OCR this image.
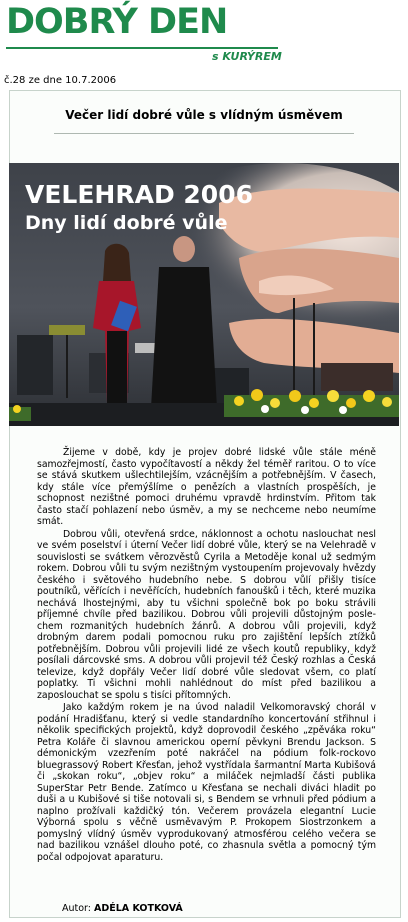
DOBRÝ DEN
s KURÝREM
č.28 ze dne 10.7.2006
Večer lidí dobré vůle s vlídným úsměvem
VELEHRAD 2006
Dny lidí dobré vůle

Žijeme v době, kdy je projev dobré lidské vůle stále méně samozřejmostí, často vypočítavostí a někdy žel téměř raritou. O to více se stává skutkem ušlechtilejším, vzácnějším a potřebnějším. V časech, kdy stále více přemýšlíme o penězích a vlastních prospěších, je schopnost nezištné pomoci druhému vpravdě hrdinstvím. Přitom tak často stačí pohlazení nebo úsměv, a my se nechceme nebo neumíme smát.

Dobrou vůli, otevřená srdce, náklonnost a ochotu naslouchat nesl ve svém poselství i úterní Večer lidí dobré vůle, který se na Velehradě v souvislosti se svátkem věrozvěstů Cyrila a Metoděje konal už sedmým rokem. Dobrou vůli tu svým nezištným vystoupením projevovaly hvězdy českého i světového hudebního nebe. S dobrou vůlí přišly tisíce poutníků, věřících i nevěřících, hudebních fanoušků i těch, které muzika nechává lhostejnými, aby tu všichni společně bok po boku strávili příjemné chvíle před bazilikou. Dobrou vůli projevili důstojným poslechem rozmanitých hudebních žánrů. A dobrou vůli projevili, když drobným darem podali pomocnou ruku pro zajištění lepších ztížků potřebnějším. Dobrou vůli projevili lidé ze všech koutů republiky, když posílali dárcovské sms. A dobrou vůli projevil též Český rozhlas a Česká televize, když dopřály Večer lidí dobré vůle sledovat všem, co platí poplatky. Ti všichni mohli nahlédnout do míst před bazilikou a zaposlouchat se spolu s tisíci přítomných.

Jako každým rokem je na úvod naladil Velkomoravský chorál v podání Hradišťanu, který si vedle standardního koncertování střihnul i několik specifických projektů, když doprovodil českého „zpěváka roku“ Petra Koláře či slavnou americkou operní pěvkyni Brendu Jackson. S démonickým vzezřením poté nakráčel na pódium folk-rockovo bluegrassový Robert Křesťan, jehož vystřídala šarmantní Marta Kubišová či „skokan roku“, „objev roku“ a miláček nejmladší části publika SuperStar Petr Bende. Zatímco u Křesťana se nechali diváci hladit po duši a u Kubišové si tiše notovali si, s Bendem se vrhnuli před pódium a naplno prožívali každičký tón. Večerem provázela elegantní Lucie Výborná spolu s věčně usměvavým P. Prokopem Siostrzonkem a pomyslný vlídný úsměv vyprodukovaný atmosférou celého večera se nad bazilikou vznášel dlouho poté, co zhasnula světla a pomocný tým počal odpojovat aparaturu.

Autor: ADÉLA KOTKOVÁ
